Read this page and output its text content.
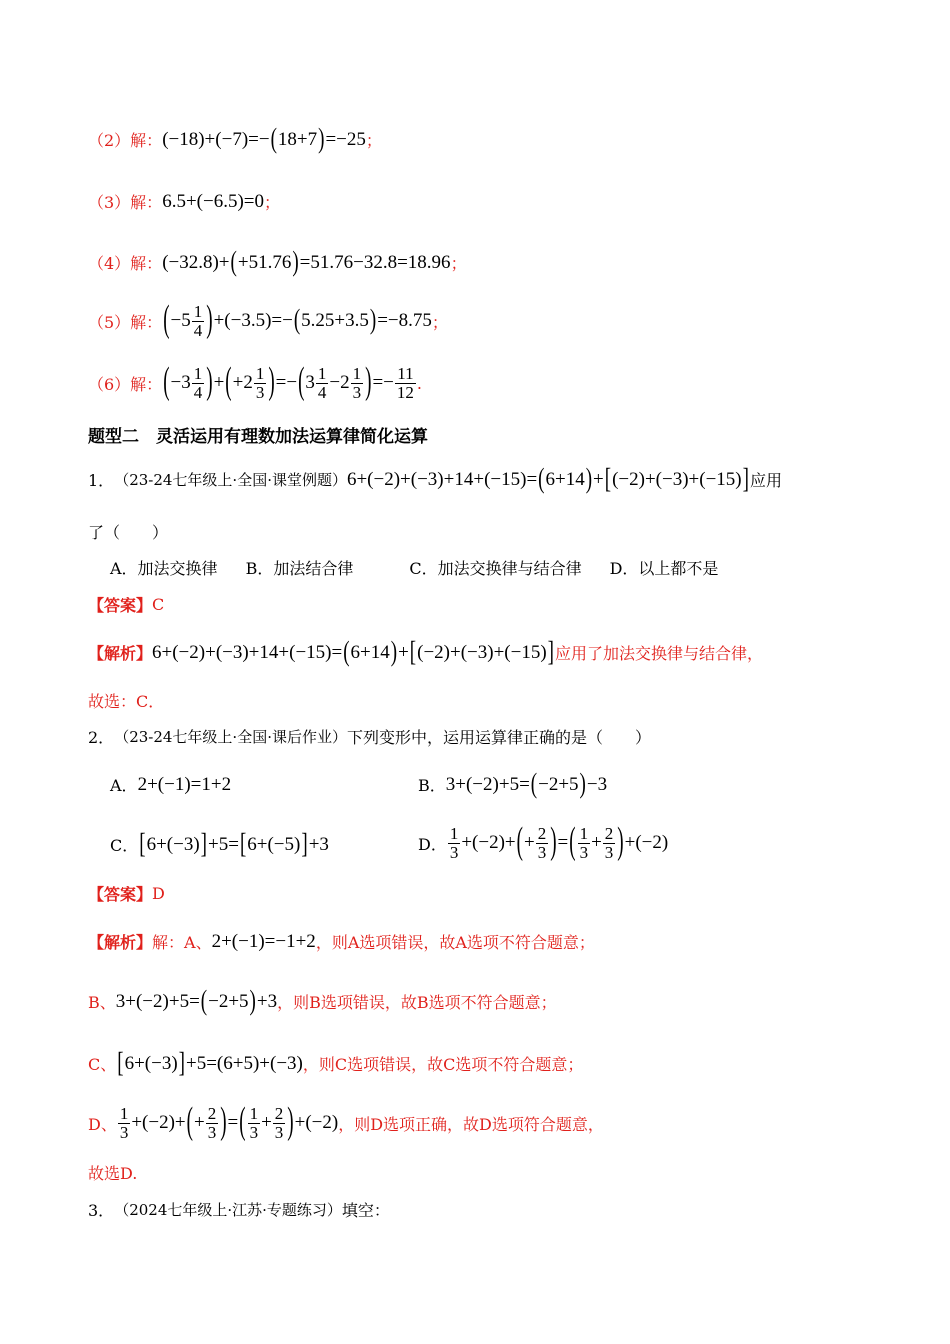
（2）解： (−18)+(−7)=−(18+7)=−25 ；
（3）解： 6.5+(−6.5)=0 ；
（4）解： (−32.8)+(+51.76)=51.76−32.8=18.96 ；
（5）解： ( $-5 \frac{1}{4}$ ) +(−3.5)=− ( 5.25+3.5 ) =−8.75 ；
（6）解： ( $-3 \frac{1}{4}$ ) + ( $+2 \frac{1}{3}$ ) =− ( $3 \frac{1}{4} -2 \frac{1}{3}$ ) =− $\frac{11}{12}$ .
题型二　灵活运用有理数加法运算律简化运算
1． （23-24七年级上·全国·课堂例题） 6+(−2)+(−3)+14+(−15)=(6+14)+[(−2)+(−3)+(−15)] 应用
了（　　）
A．加法交换律 B．加法结合律	C．加法交换律与结合律 D．以上都不是
【答案】 C
【解析】 6+(−2)+(−3)+14+(−15)=(6+14)+[(−2)+(−3)+(−15)] 应用了加法交换律与结合律，
故选：C．
2． （23-24七年级上·全国·课后作业） 下列变形中，运用运算律正确的是（　　）
A． 2+(−1)=1+2	B． 3+(−2)+5=(−2+5)−3
C． [6+(−3)]+5=[6+(−5)]+3	D． $\frac{1}{3} +(-2)+$ ( + $\frac{2}{3}$ ) = ( $\frac{1}{3} + \frac{2}{3}$ ) +(−2)
【答案】 D
【解析】 解：A、 2+(−1)=−1+2 ，则A选项错误，故A选项不符合题意；
B、 3+(−2)+5=(−2+5)+3 ，则B选项错误，故B选项不符合题意；
C、 [6+(−3)]+5=(6+5)+(−3) ，则C选项错误，故C选项不符合题意；
D、 $\frac{1}{3} +(-2)+$ ( + $\frac{2}{3}$ ) = ( $\frac{1}{3} + \frac{2}{3}$ ) +(−2) ，则D选项正确，故D选项符合题意，
故选D.
3． （2024七年级上·江苏·专题练习） 填空：
